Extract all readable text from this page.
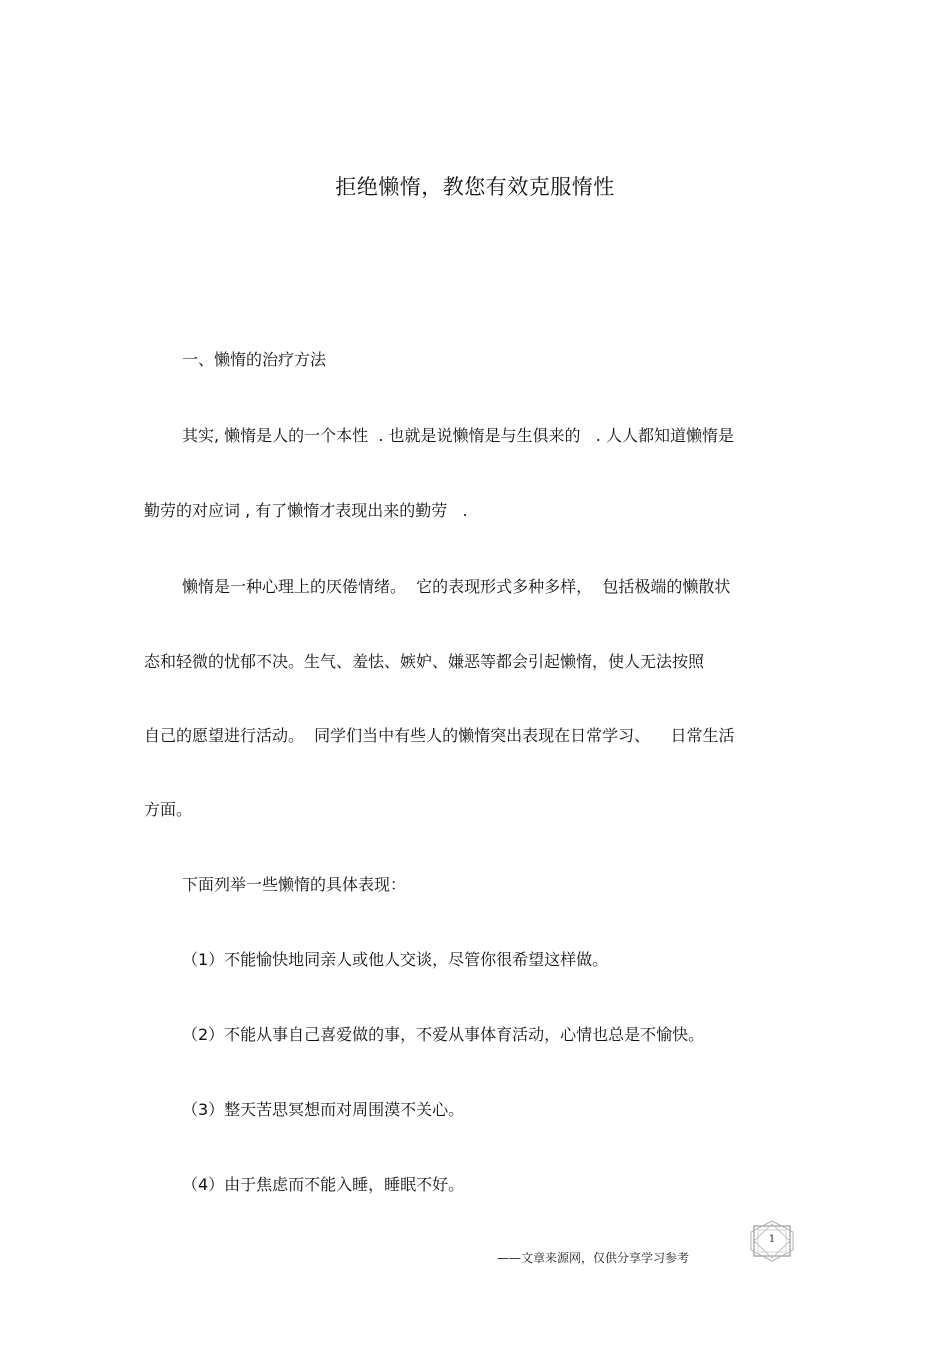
拒绝懒惰，教您有效克服惰性
一、懒惰的治疗方法
其实, 懒惰是人的一个本性  . 也就是说懒惰是与生俱来的   . 人人都知道懒惰是
勤劳的对应词 , 有了懒惰才表现出来的勤劳   .
懒惰是一种心理上的厌倦情绪。  它的表现形式多种多样，  包括极端的懒散状
态和轻微的忧郁不决。生气、羞怯、嫉妒、嫌恶等都会引起懒惰，使人无法按照
自己的愿望进行活动。  同学们当中有些人的懒惰突出表现在日常学习、    日常生活
方面。
下面列举一些懒惰的具体表现：
（1）不能愉快地同亲人或他人交谈，尽管你很希望这样做。
（2）不能从事自己喜爱做的事，不爱从事体育活动，心情也总是不愉快。
（3）整天苦思冥想而对周围漠不关心。
（4）由于焦虑而不能入睡，睡眠不好。
——文章来源网，仅供分享学习参考
1
